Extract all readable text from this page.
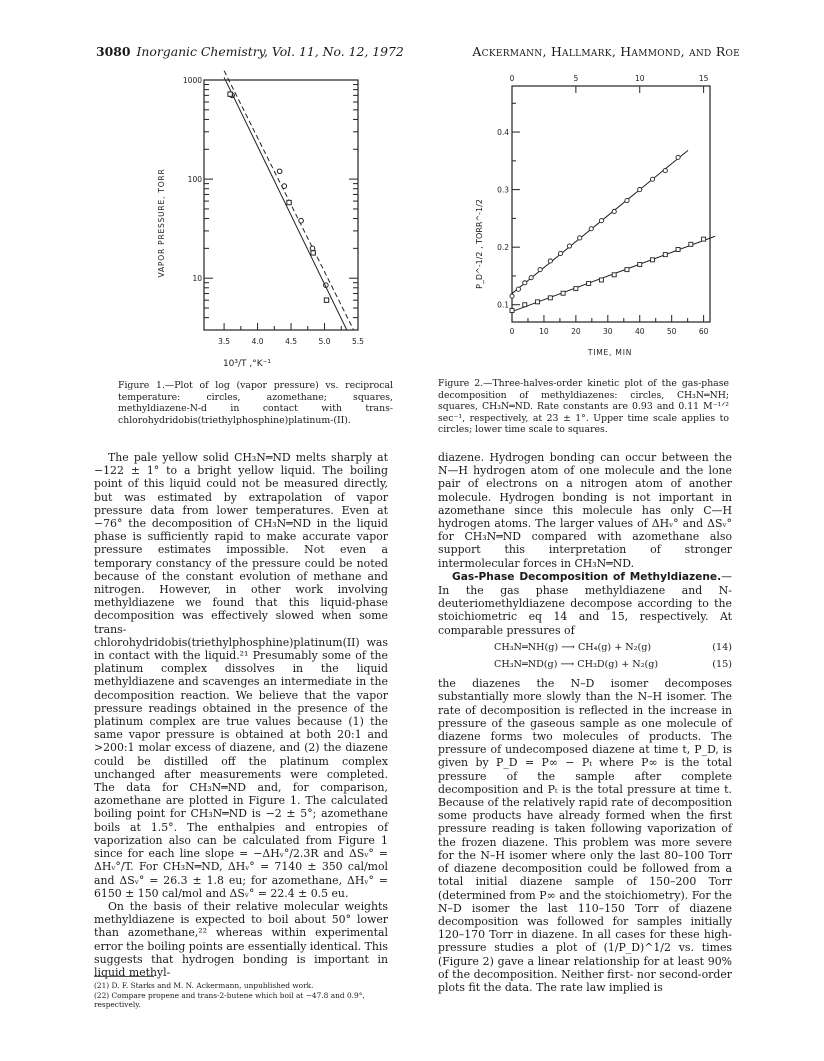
3080 Inorganic Chemistry, Vol. 11, No. 12, 1972	Ackermann, Hallmark, Hammond, and Roe
1000
100
10
3.5	4.0	4.5	5.0	5.5
10³/T ,°K⁻¹
VAPOR PRESSURE, TORR
Figure 1.—Plot of log (vapor pressure) vs. reciprocal temperature: circles, azomethane; squares, methyldiazene-N-d in contact with trans-chlorohydridobis(triethylphosphine)platinum-(II).
0	10	20	30	40	50	60
0	5	10	15
0.1
0.2
0.3
0.4
TIME, MIN
P_D^-1/2 , TORR^-1/2
Figure 2.—Three-halves-order kinetic plot of the gas-phase decomposition of methyldiazenes: circles, CH₃N═NH; squares, CH₃N═ND. Rate constants are 0.93 and 0.11 M⁻¹ᐟ² sec⁻¹, respectively, at 23 ± 1°. Upper time scale applies to circles; lower time scale to squares.

The pale yellow solid CH₃N═ND melts sharply at −122 ± 1° to a bright yellow liquid. The boiling point of this liquid could not be measured directly, but was estimated by extrapolation of vapor pressure data from lower temperatures. Even at −76° the decomposition of CH₃N═ND in the liquid phase is sufficiently rapid to make accurate vapor pressure estimates impossible. Not even a temporary constancy of the pressure could be noted because of the constant evolution of methane and nitrogen. However, in other work involving methyldiazene we found that this liquid-phase decomposition was effectively slowed when some trans-chlorohydridobis(triethylphosphine)platinum(II) was in contact with the liquid.²¹ Presumably some of the platinum complex dissolves in the liquid methyldiazene and scavenges an intermediate in the decomposition reaction. We believe that the vapor pressure readings obtained in the presence of the platinum complex are true values because (1) the same vapor pressure is obtained at both 20:1 and >200:1 molar excess of diazene, and (2) the diazene could be distilled off the platinum complex unchanged after measurements were completed. The data for CH₃N═ND and, for comparison, azomethane are plotted in Figure 1. The calculated boiling point for CH₃N═ND is −2 ± 5°; azomethane boils at 1.5°. The enthalpies and entropies of vaporization also can be calculated from Figure 1 since for each line slope = −ΔHᵥ°/2.3R and ΔSᵥ° = ΔHᵥ°/T. For CH₃N═ND, ΔHᵥ° = 7140 ± 350 cal/mol and ΔSᵥ° = 26.3 ± 1.8 eu; for azomethane, ΔHᵥ° = 6150 ± 150 cal/mol and ΔSᵥ° = 22.4 ± 0.5 eu.

On the basis of their relative molecular weights methyldiazene is expected to boil about 50° lower than azomethane,²² whereas within experimental error the boiling points are essentially identical. This suggests that hydrogen bonding is important in liquid methyl-

(21) D. F. Starks and M. N. Ackermann, unpublished work.

(22) Compare propene and trans-2-butene which boil at −47.8 and 0.9°, respectively.

diazene. Hydrogen bonding can occur between the N—H hydrogen atom of one molecule and the lone pair of electrons on a nitrogen atom of another molecule. Hydrogen bonding is not important in azomethane since this molecule has only C—H hydrogen atoms. The larger values of ΔHᵥ° and ΔSᵥ° for CH₃N═ND compared with azomethane also support this interpretation of stronger intermolecular forces in CH₃N═ND.

Gas-Phase Decomposition of Methyldiazene.—In the gas phase methyldiazene and N-deuteriomethyldiazene decompose according to the stoichiometric eq 14 and 15, respectively. At comparable pressures of

CH₃N═NH(g) ⟶ CH₄(g) + N₂(g)	(14)
CH₃N═ND(g) ⟶ CH₃D(g) + N₂(g)	(15)

the diazenes the N–D isomer decomposes substantially more slowly than the N–H isomer. The rate of decomposition is reflected in the increase in pressure of the gaseous sample as one molecule of diazene forms two molecules of products. The pressure of undecomposed diazene at time t, P_D, is given by P_D = P∞ − Pₜ where P∞ is the total pressure of the sample after complete decomposition and Pₜ is the total pressure at time t. Because of the relatively rapid rate of decomposition some products have already formed when the first pressure reading is taken following vaporization of the frozen diazene. This problem was more severe for the N–H isomer where only the last 80–100 Torr of diazene decomposition could be followed from a total initial diazene sample of 150–200 Torr (determined from P∞ and the stoichiometry). For the N–D isomer the last 110–150 Torr of diazene decomposition was followed for samples initially 120–170 Torr in diazene. In all cases for these high-pressure studies a plot of (1/P_D)^1/2 vs. times (Figure 2) gave a linear relationship for at least 90% of the decomposition. Neither first- nor second-order plots fit the data. The rate law implied is
